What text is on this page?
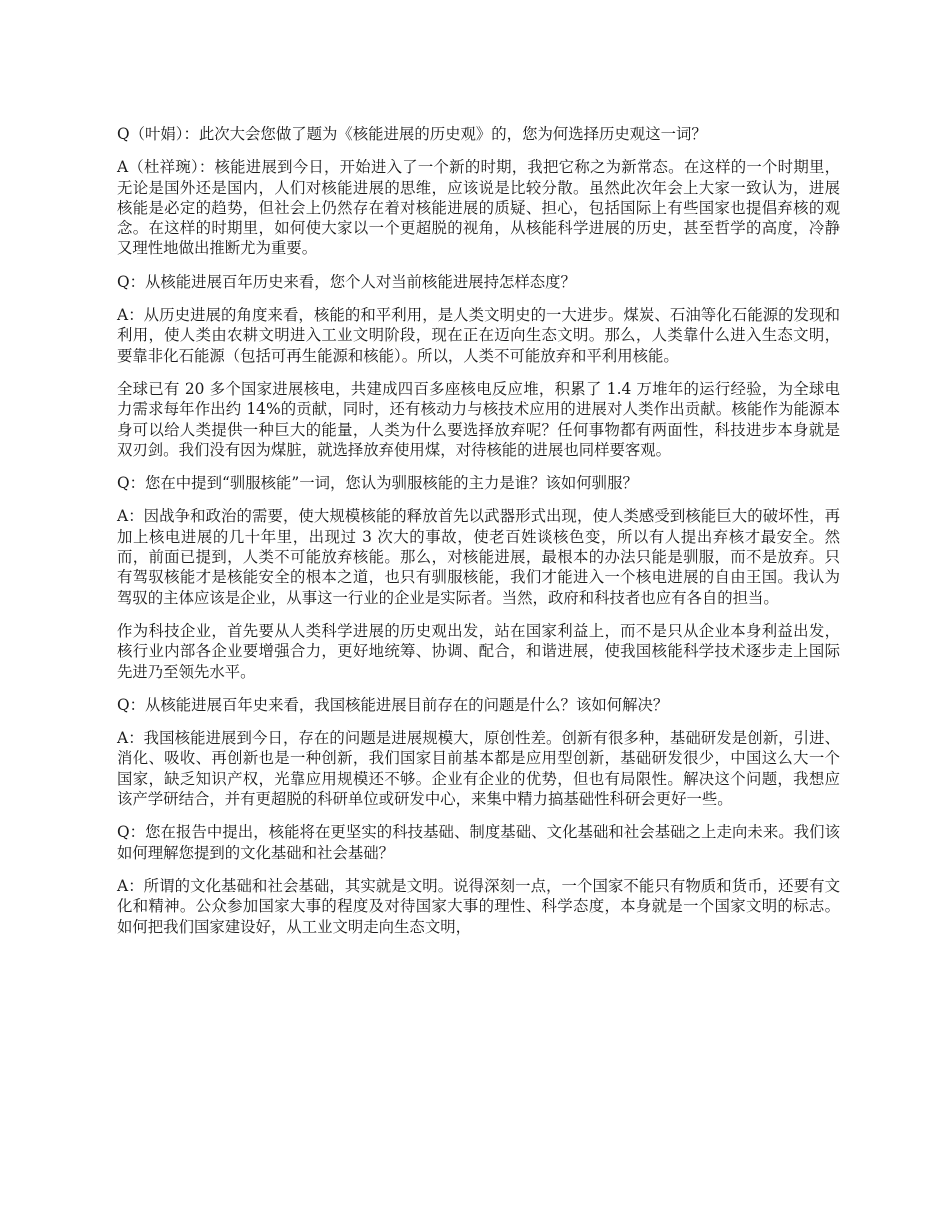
Q（叶娟）：此次大会您做了题为《核能进展的历史观》的，您为何选择历史观这一词？

A（杜祥琬）：核能进展到今日，开始进入了一个新的时期，我把它称之为新常态。在这样的一个时期里，无论是国外还是国内，人们对核能进展的思维，应该说是比较分散。虽然此次年会上大家一致认为，进展核能是必定的趋势，但社会上仍然存在着对核能进展的质疑、担心，包括国际上有些国家也提倡弃核的观念。在这样的时期里，如何使大家以一个更超脱的视角，从核能科学进展的历史，甚至哲学的高度，冷静又理性地做出推断尤为重要。

Q：从核能进展百年历史来看，您个人对当前核能进展持怎样态度？

A：从历史进展的角度来看，核能的和平利用，是人类文明史的一大进步。煤炭、石油等化石能源的发现和利用，使人类由农耕文明进入工业文明阶段，现在正在迈向生态文明。那么，人类靠什么进入生态文明，要靠非化石能源（包括可再生能源和核能）。所以，人类不可能放弃和平利用核能。

全球已有 20 多个国家进展核电，共建成四百多座核电反应堆，积累了 1.4 万堆年的运行经验，为全球电力需求每年作出约 14%的贡献，同时，还有核动力与核技术应用的进展对人类作出贡献。核能作为能源本身可以给人类提供一种巨大的能量，人类为什么要选择放弃呢？任何事物都有两面性，科技进步本身就是双刃剑。我们没有因为煤脏，就选择放弃使用煤，对待核能的进展也同样要客观。

Q：您在中提到“驯服核能”一词，您认为驯服核能的主力是谁？该如何驯服？

A：因战争和政治的需要，使大规模核能的释放首先以武器形式出现，使人类感受到核能巨大的破坏性，再加上核电进展的几十年里，出现过 3 次大的事故，使老百姓谈核色变，所以有人提出弃核才最安全。然而，前面已提到，人类不可能放弃核能。那么，对核能进展，最根本的办法只能是驯服，而不是放弃。只有驾驭核能才是核能安全的根本之道，也只有驯服核能，我们才能进入一个核电进展的自由王国。我认为驾驭的主体应该是企业，从事这一行业的企业是实际者。当然，政府和科技者也应有各自的担当。

作为科技企业，首先要从人类科学进展的历史观出发，站在国家利益上，而不是只从企业本身利益出发，核行业内部各企业要增强合力，更好地统筹、协调、配合，和谐进展，使我国核能科学技术逐步走上国际先进乃至领先水平。

Q：从核能进展百年史来看，我国核能进展目前存在的问题是什么？该如何解决？

A：我国核能进展到今日，存在的问题是进展规模大，原创性差。创新有很多种，基础研发是创新，引进、消化、吸收、再创新也是一种创新，我们国家目前基本都是应用型创新，基础研发很少，中国这么大一个国家，缺乏知识产权，光靠应用规模还不够。企业有企业的优势，但也有局限性。解决这个问题，我想应该产学研结合，并有更超脱的科研单位或研发中心，来集中精力搞基础性科研会更好一些。

Q：您在报告中提出，核能将在更坚实的科技基础、制度基础、文化基础和社会基础之上走向未来。我们该如何理解您提到的文化基础和社会基础？

A：所谓的文化基础和社会基础，其实就是文明。说得深刻一点，一个国家不能只有物质和货币，还要有文化和精神。公众参加国家大事的程度及对待国家大事的理性、科学态度，本身就是一个国家文明的标志。如何把我们国家建设好，从工业文明走向生态文明，
